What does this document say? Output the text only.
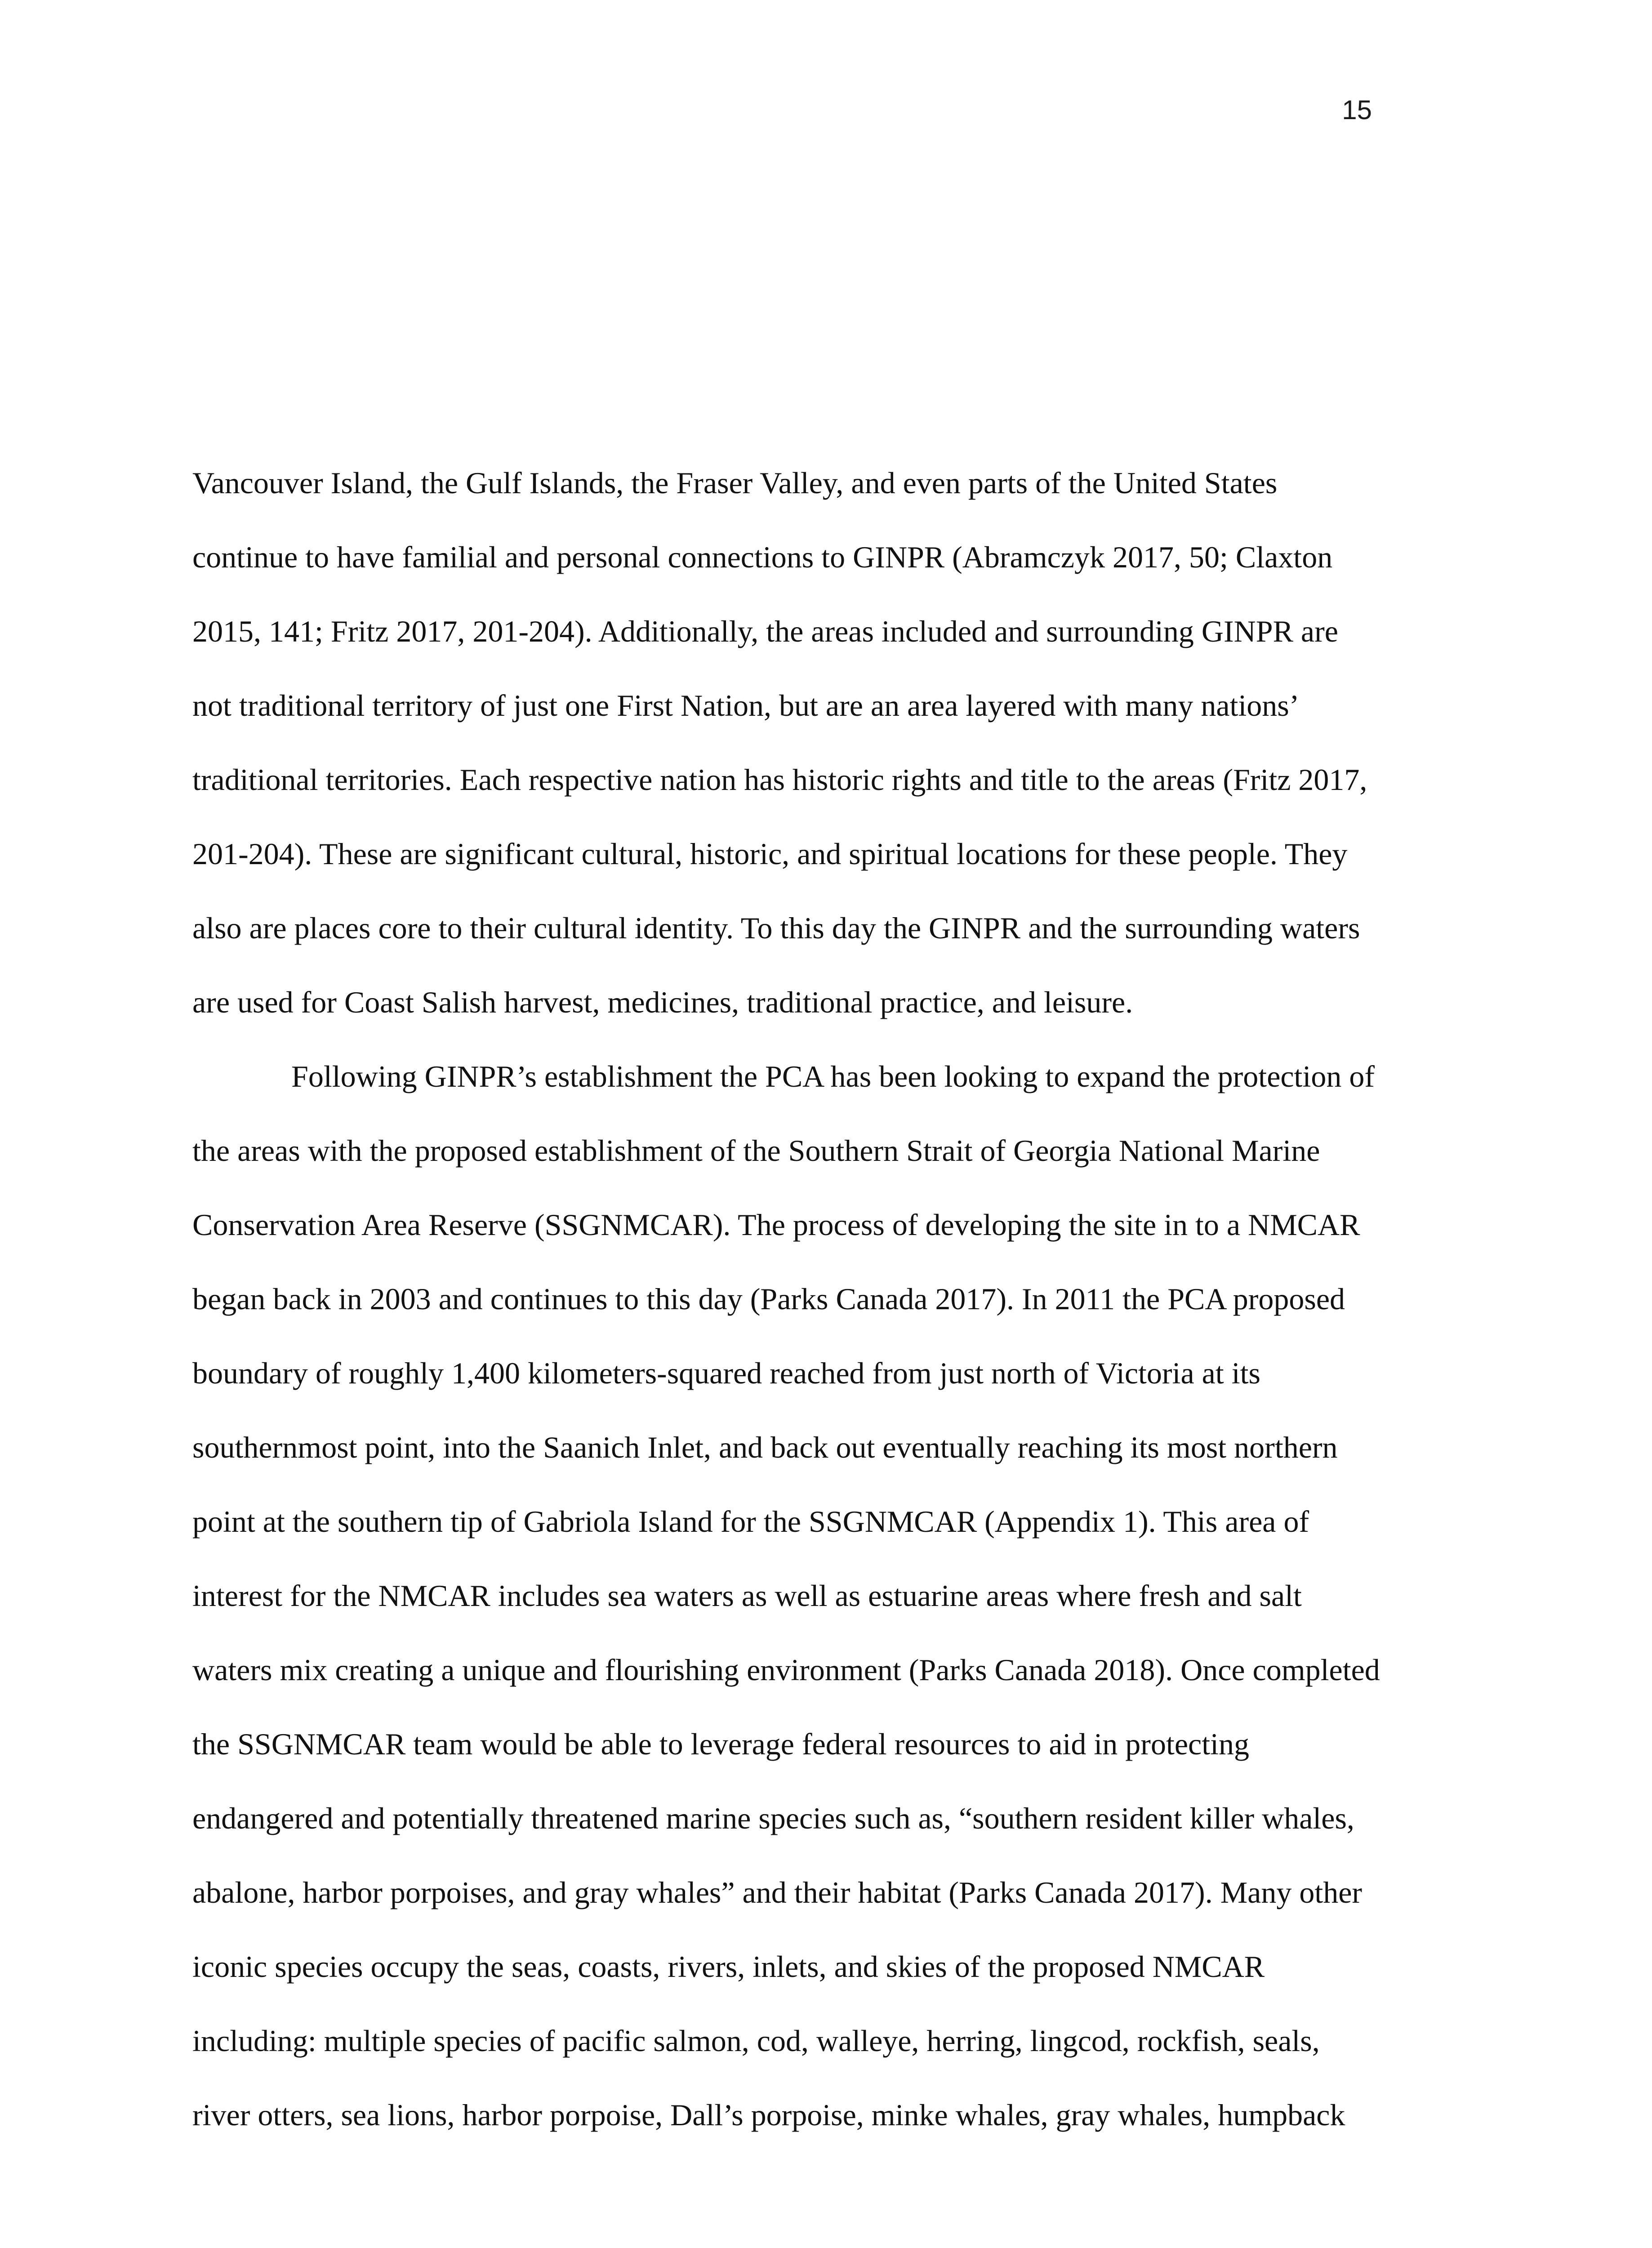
15
Vancouver Island, the Gulf Islands, the Fraser Valley, and even parts of the United States
continue to have familial and personal connections to GINPR (Abramczyk 2017, 50; Claxton
2015, 141; Fritz 2017, 201-204). Additionally, the areas included and surrounding GINPR are
not traditional territory of just one First Nation, but are an area layered with many nations’
traditional territories. Each respective nation has historic rights and title to the areas (Fritz 2017,
201-204). These are significant cultural, historic, and spiritual locations for these people. They
also are places core to their cultural identity. To this day the GINPR and the surrounding waters
are used for Coast Salish harvest, medicines, traditional practice, and leisure.
Following GINPR’s establishment the PCA has been looking to expand the protection of
the areas with the proposed establishment of the Southern Strait of Georgia National Marine
Conservation Area Reserve (SSGNMCAR). The process of developing the site in to a NMCAR
began back in 2003 and continues to this day (Parks Canada 2017). In 2011 the PCA proposed
boundary of roughly 1,400 kilometers-squared reached from just north of Victoria at its
southernmost point, into the Saanich Inlet, and back out eventually reaching its most northern
point at the southern tip of Gabriola Island for the SSGNMCAR (Appendix 1). This area of
interest for the NMCAR includes sea waters as well as estuarine areas where fresh and salt
waters mix creating a unique and flourishing environment (Parks Canada 2018). Once completed
the SSGNMCAR team would be able to leverage federal resources to aid in protecting
endangered and potentially threatened marine species such as, “southern resident killer whales,
abalone, harbor porpoises, and gray whales” and their habitat (Parks Canada 2017). Many other
iconic species occupy the seas, coasts, rivers, inlets, and skies of the proposed NMCAR
including: multiple species of pacific salmon, cod, walleye, herring, lingcod, rockfish, seals,
river otters, sea lions, harbor porpoise, Dall’s porpoise, minke whales, gray whales, humpback
